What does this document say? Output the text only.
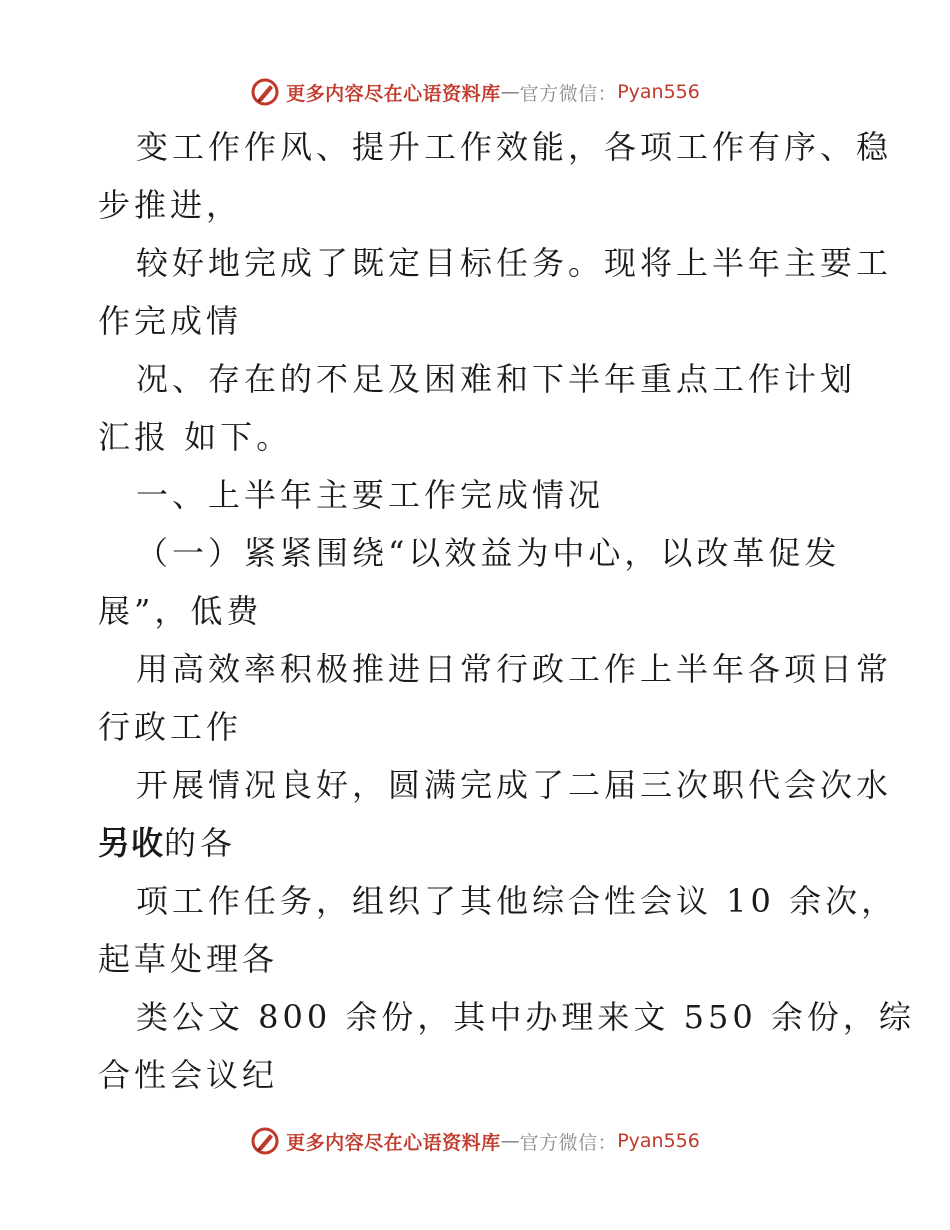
更多内容尽在心语资料库 — 官方微信： Pyan556
变工作作风、提升工作效能，各项工作有序、稳
步推进，
较好地完成了既定目标任务。现将上半年主要工
作完成情
况、存在的不足及困难和下半年重点工作计划
汇报 如下。
一、上半年主要工作完成情况
（一）紧紧围绕“以效益为中心，以改革促发
展”，低费
用高效率积极推进日常行政工作上半年各项日常
行政工作
开展情况良好，圆满完成了二届三次职代会次水
另收的各
项工作任务，组织了其他综合性会议 10 余次，
起草处理各
类公文 800 余份，其中办理来文 550 余份，综
合性会议纪
更多内容尽在心语资料库 — 官方微信： Pyan556
